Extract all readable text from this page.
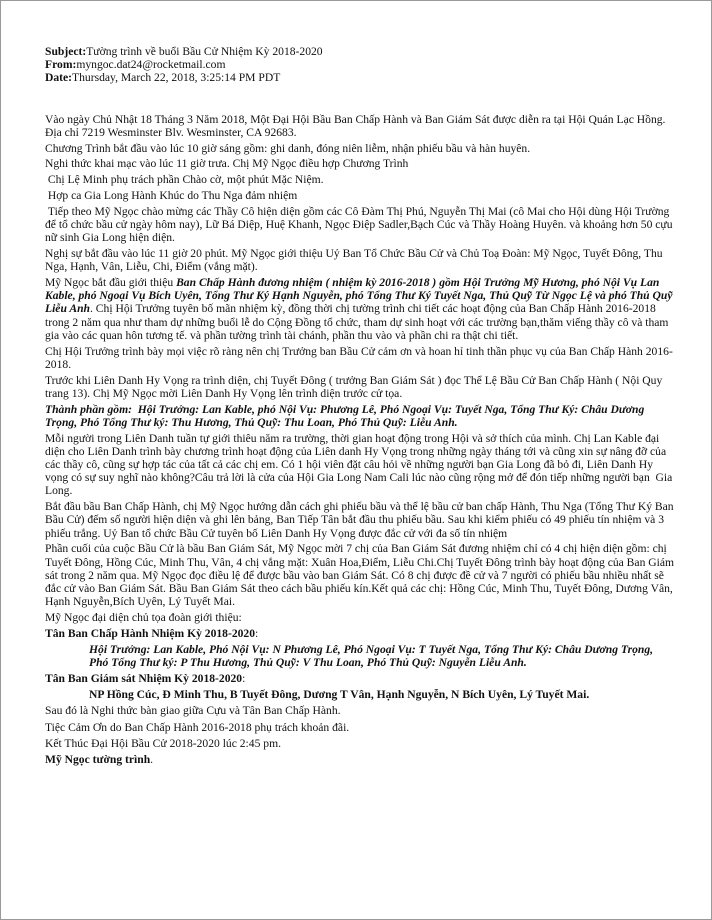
Subject:Tường trình về buổi Bầu Cử Nhiệm Kỳ 2018-2020
From:myngoc.dat24@rocketmail.com
Date:Thursday, March 22, 2018, 3:25:14 PM PDT

Vào ngày Chủ Nhật 18 Tháng 3 Năm 2018, Một Đại Hội Bầu Ban Chấp Hành và Ban Giám Sát được diễn ra tại Hội Quán Lạc Hồng. Địa chỉ 7219 Wesminster Blv. Wesminster, CA 92683.

Chương Trình bắt đầu vào lúc 10 giờ sáng gồm: ghi danh, đóng niên liễm, nhận phiếu bầu và hàn huyên.

Nghi thức khai mạc vào lúc 11 giờ trưa. Chị Mỹ Ngọc điều hợp Chương Trình

Chị Lệ Minh phụ trách phần Chào cờ, một phút Mặc Niệm.

Hợp ca Gia Long Hành Khúc do Thu Nga đảm nhiệm

Tiếp theo Mỹ Ngọc chào mừng các Thầy Cô hiện diện gồm các Cô Đàm Thị Phú, Nguyễn Thị Mai (cô Mai cho Hội dùng Hội Trường để tổ chức bầu cử ngày hôm nay), Lữ Bá Diệp, Huệ Khanh, Ngọc Điệp Sadler,Bạch Cúc và Thầy Hoàng Huyên. và khoảng hơn 50 cựu nữ sinh Gia Long hiện diện.

Nghị sự bắt đầu vào lúc 11 giờ 20 phút. Mỹ Ngọc giới thiệu Uỷ Ban Tổ Chức Bầu Cử và Chủ Toạ Đoàn: Mỹ Ngọc, Tuyết Đông, Thu Nga, Hạnh, Vân, Liễu, Chi, Điểm (vắng mặt).

Mỹ Ngọc bắt đầu giới thiệu Ban Chấp Hành đương nhiệm ( nhiệm kỳ 2016-2018 ) gồm Hội Trưởng Mỹ Hương, phó Nội Vụ Lan Kable, phó Ngoại Vụ Bích Uyên, Tổng Thư Ký Hạnh Nguyễn, phó Tổng Thư Ký Tuyết Nga, Thủ Quỹ Từ Ngọc Lệ và phó Thủ Quỹ Liễu Anh. Chị Hội Trưởng tuyên bố mãn nhiệm kỳ, đồng thời chị tường trình chi tiết các hoạt động của Ban Chấp Hành 2016-2018 trong 2 năm qua như tham dự những buổi lễ do Cộng Đồng tổ chức, tham dự sinh hoạt với các trường bạn,thăm viếng thầy cô và tham gia vào các quan hôn tương tế. và phần tường trình tài chánh, phần thu vào và phần chi ra thật chi tiết.

Chị Hội Trưởng trình bày mọi việc rõ ràng nên chị Trưởng ban Bầu Cử cảm ơn và hoan hỉ tinh thần phục vụ của Ban Chấp Hành 2016-2018.

Trước khi Liên Danh Hy Vọng ra trình diện, chị Tuyết Đông ( trưởng Ban Giám Sát ) đọc Thể Lệ Bầu Cử Ban Chấp Hành ( Nội Quy trang 13). Chị Mỹ Ngọc mời Liên Danh Hy Vọng lên trình diện trước cử tọa.

Thành phần gồm:  Hội Trưởng: Lan Kable, phó Nội Vụ: Phương Lê, Phó Ngoại Vụ: Tuyết Nga, Tổng Thư Ký: Châu Dương Trọng, Phó Tổng Thư ký: Thu Hương, Thủ Quỹ: Thu Loan, Phó Thủ Quỹ: Liễu Anh.

Mỗi người trong Liên Danh tuần tự giới thiêu năm ra trường, thời gian hoạt động trong Hội và sở thích của mình. Chị Lan Kable đại diện cho Liên Danh trình bày chương trình hoạt động của Liên danh Hy Vọng trong những ngày tháng tới và cũng xin sự nâng đỡ của các thầy cô, cũng sự hợp tác của tất cả các chị em. Có 1 hội viên đặt câu hỏi về những người bạn Gia Long đã bỏ đi, Liên Danh Hy vọng có sự suy nghĩ nào không?Câu trả lời là cửa của Hội Gia Long Nam Cali lúc nào cũng rộng mở để đón tiếp những người bạn  Gia Long.

Bắt đầu bầu Ban Chấp Hành, chị Mỹ Ngọc hướng dẫn cách ghi phiếu bầu và thể lệ bầu cử ban chấp Hành, Thu Nga (Tổng Thư Ký Ban Bầu Cử) đếm số người hiện diện và ghi lên bảng, Ban Tiếp Tân bắt đầu thu phiếu bầu. Sau khi kiểm phiếu có 49 phiếu tín nhiệm và 3 phiếu trắng. Uỷ Ban tổ chức Bầu Cử tuyên bố Liên Danh Hy Vọng được đắc cử với đa số tín nhiệm

Phần cuối của cuộc Bầu Cử là bầu Ban Giám Sát, Mỹ Ngọc mời 7 chị của Ban Giám Sát đương nhiệm chỉ có 4 chị hiện diện gồm: chị Tuyết Đông, Hồng Cúc, Minh Thu, Vân, 4 chị vắng mặt: Xuân Hoa,Điểm, Liễu Chi.Chị Tuyết Đông trình bày hoạt động của Ban Giám sát trong 2 năm qua. Mỹ Ngọc đọc điều lệ để được bầu vào ban Giám Sát. Có 8 chị được đề cử và 7 người có phiếu bầu nhiều nhất sẽ đắc cử vào Ban Giám Sát. Bầu Ban Giám Sát theo cách bầu phiếu kín.Kết quả các chị: Hồng Cúc, Minh Thu, Tuyết Đông, Dương Vân, Hạnh Nguyễn,Bích Uyên, Lý Tuyết Mai.

Mỹ Ngọc đại diện chủ tọa đoàn giới thiệu:

Tân Ban Chấp Hành Nhiệm Kỳ 2018-2020:

Hội Trưởng: Lan Kable, Phó Nội Vụ: N Phương Lê, Phó Ngoại Vụ: T Tuyết Nga, Tổng Thư Ký: Châu Dương Trọng, Phó Tổng Thư ký: P Thu Hương, Thủ Quỹ: V Thu Loan, Phó Thủ Quỹ: Nguyễn Liễu Anh.

Tân Ban Giám sát Nhiệm Kỳ 2018-2020:

NP Hồng Cúc, Đ Minh Thu, B Tuyết Đông, Dương T Vân, Hạnh Nguyễn, N Bích Uyên, Lý Tuyết Mai.

Sau đó là Nghi thức bàn giao giữa Cựu và Tân Ban Chấp Hành.

Tiệc Cảm Ơn do Ban Chấp Hành 2016-2018 phụ trách khoản đãi.

Kết Thúc Đại Hội Bầu Cử 2018-2020 lúc 2:45 pm.

Mỹ Ngọc tường trình.
